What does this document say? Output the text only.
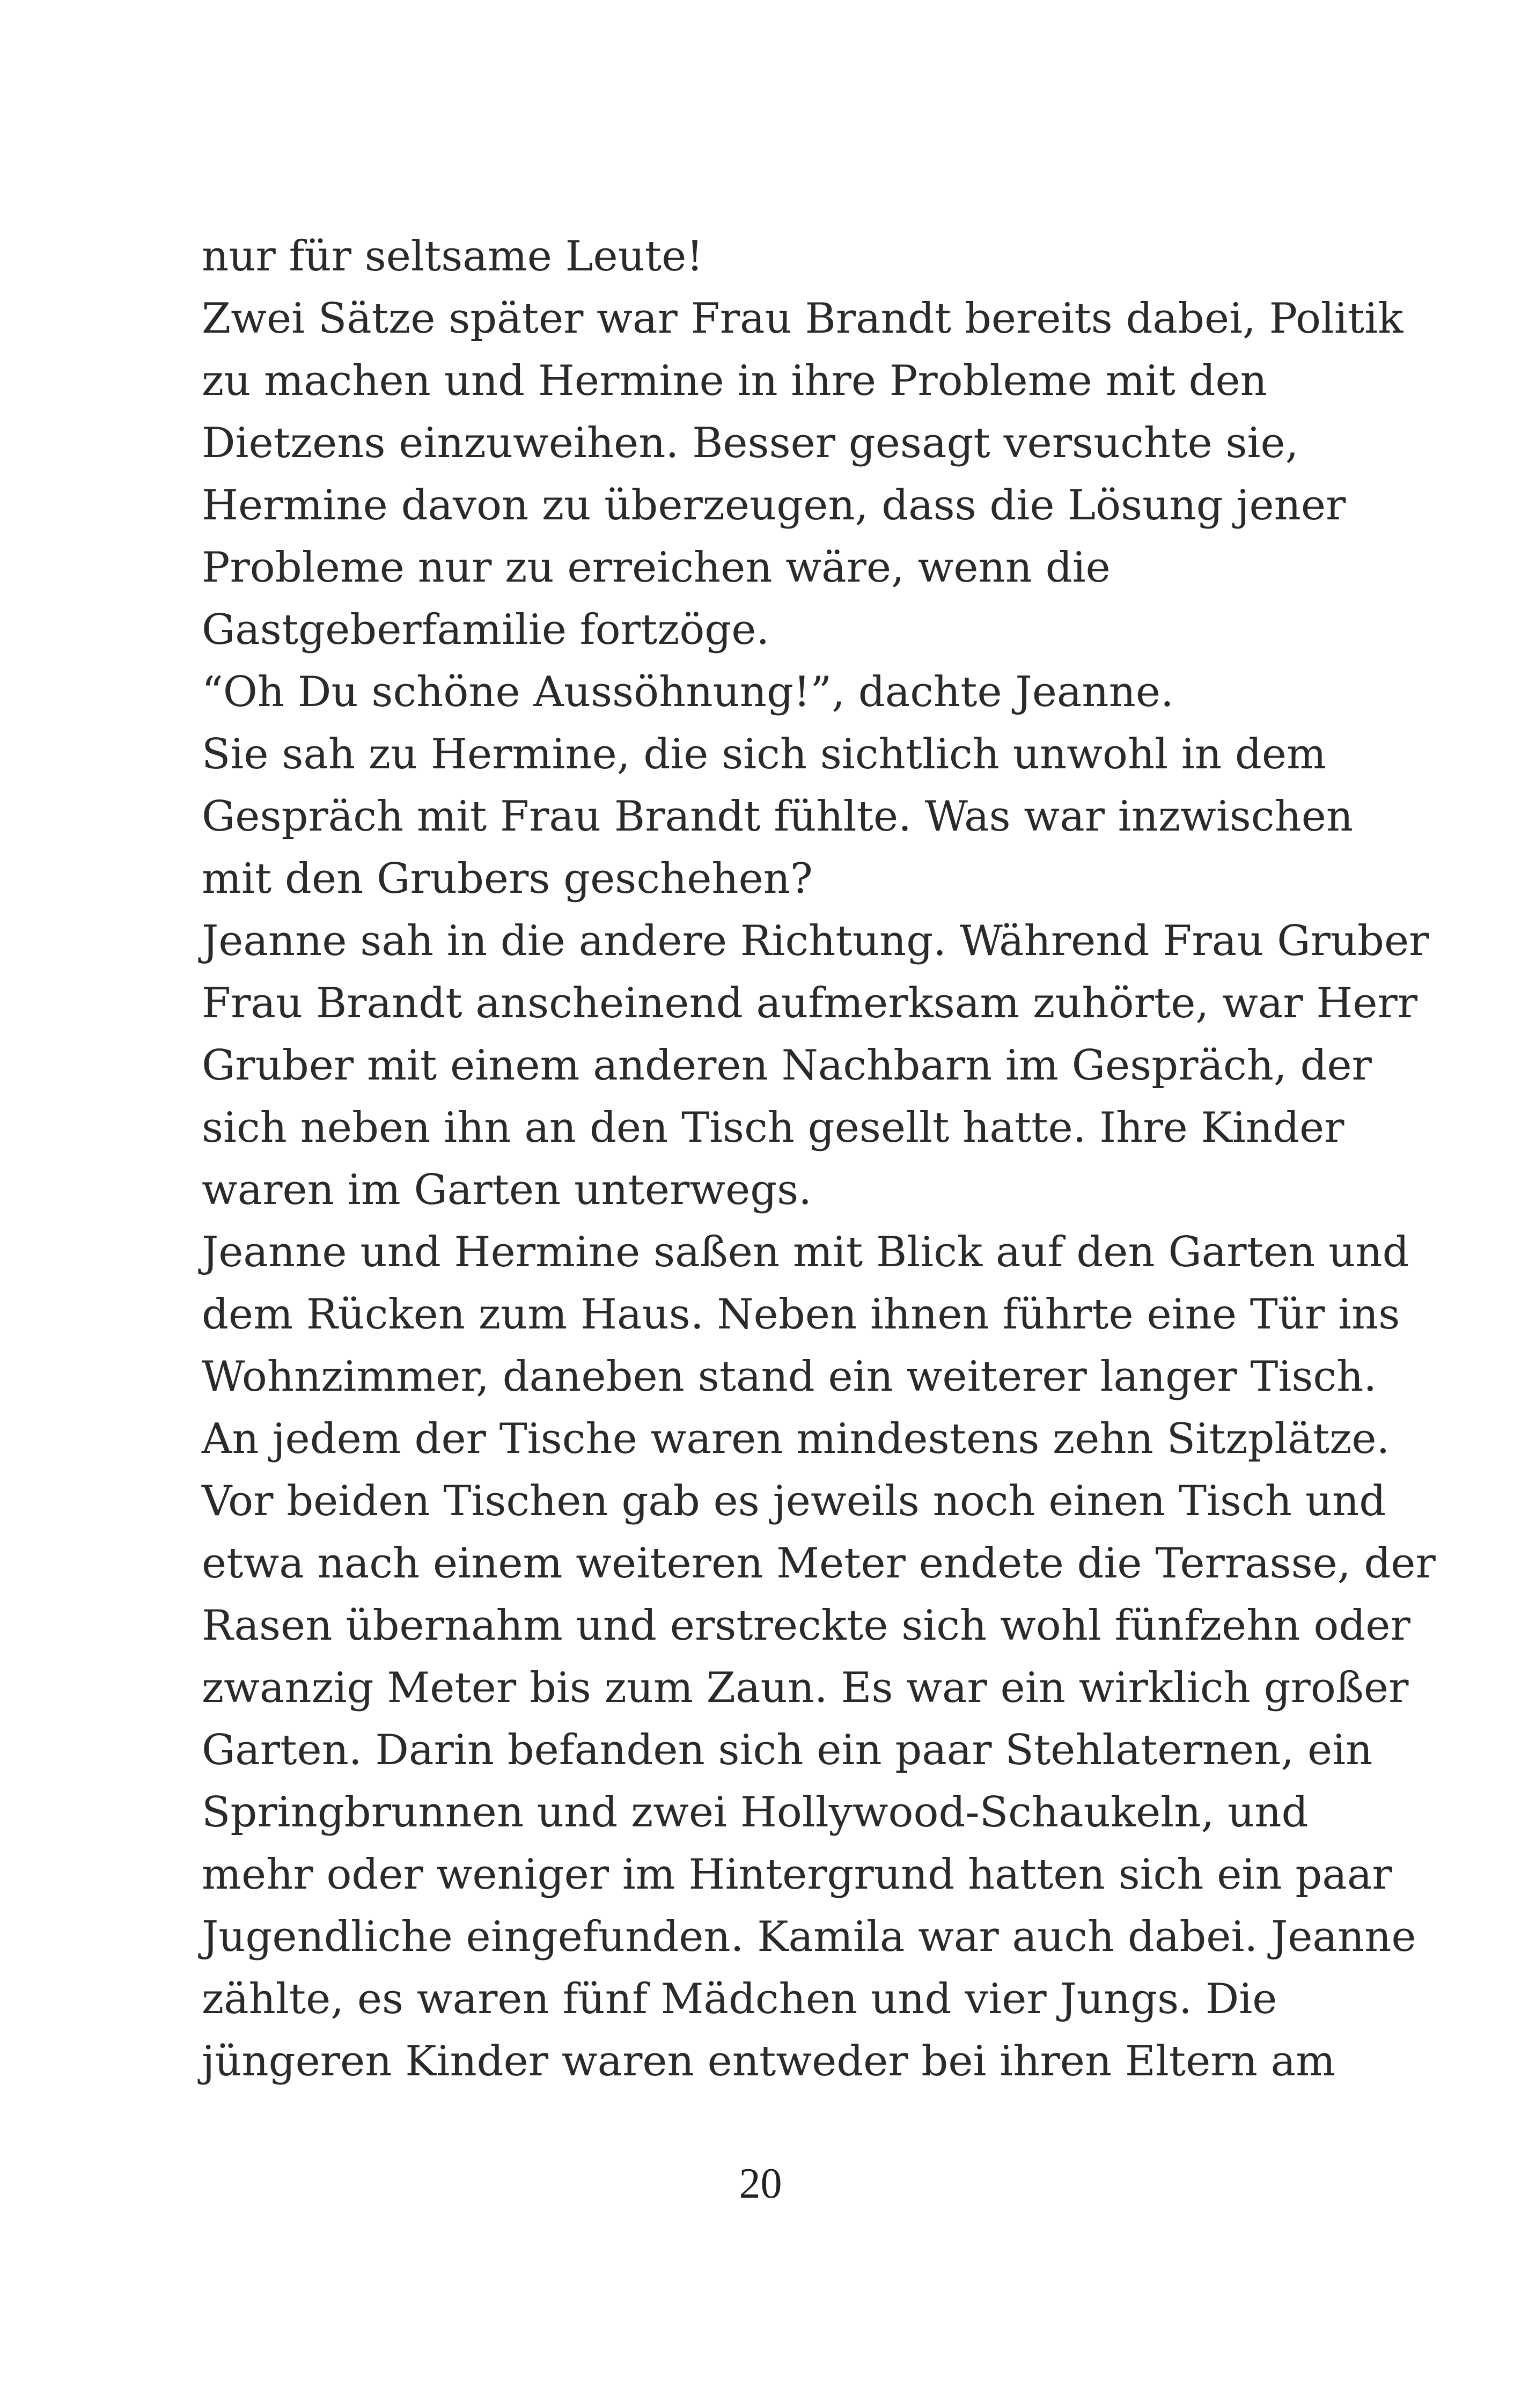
nur für seltsame Leute!
Zwei Sätze später war Frau Brandt bereits dabei, Politik
zu machen und Hermine in ihre Probleme mit den
Dietzens einzuweihen. Besser gesagt versuchte sie,
Hermine davon zu überzeugen, dass die Lösung jener
Probleme nur zu erreichen wäre, wenn die
Gastgeberfamilie fortzöge.
“Oh Du schöne Aussöhnung!”, dachte Jeanne.
Sie sah zu Hermine, die sich sichtlich unwohl in dem
Gespräch mit Frau Brandt fühlte. Was war inzwischen
mit den Grubers geschehen?
Jeanne sah in die andere Richtung. Während Frau Gruber
Frau Brandt anscheinend aufmerksam zuhörte, war Herr
Gruber mit einem anderen Nachbarn im Gespräch, der
sich neben ihn an den Tisch gesellt hatte. Ihre Kinder
waren im Garten unterwegs.
Jeanne und Hermine saßen mit Blick auf den Garten und
dem Rücken zum Haus. Neben ihnen führte eine Tür ins
Wohnzimmer, daneben stand ein weiterer langer Tisch.
An jedem der Tische waren mindestens zehn Sitzplätze.
Vor beiden Tischen gab es jeweils noch einen Tisch und
etwa nach einem weiteren Meter endete die Terrasse, der
Rasen übernahm und erstreckte sich wohl fünfzehn oder
zwanzig Meter bis zum Zaun. Es war ein wirklich großer
Garten. Darin befanden sich ein paar Stehlaternen, ein
Springbrunnen und zwei Hollywood-Schaukeln, und
mehr oder weniger im Hintergrund hatten sich ein paar
Jugendliche eingefunden. Kamila war auch dabei. Jeanne
zählte, es waren fünf Mädchen und vier Jungs. Die
jüngeren Kinder waren entweder bei ihren Eltern am
20
